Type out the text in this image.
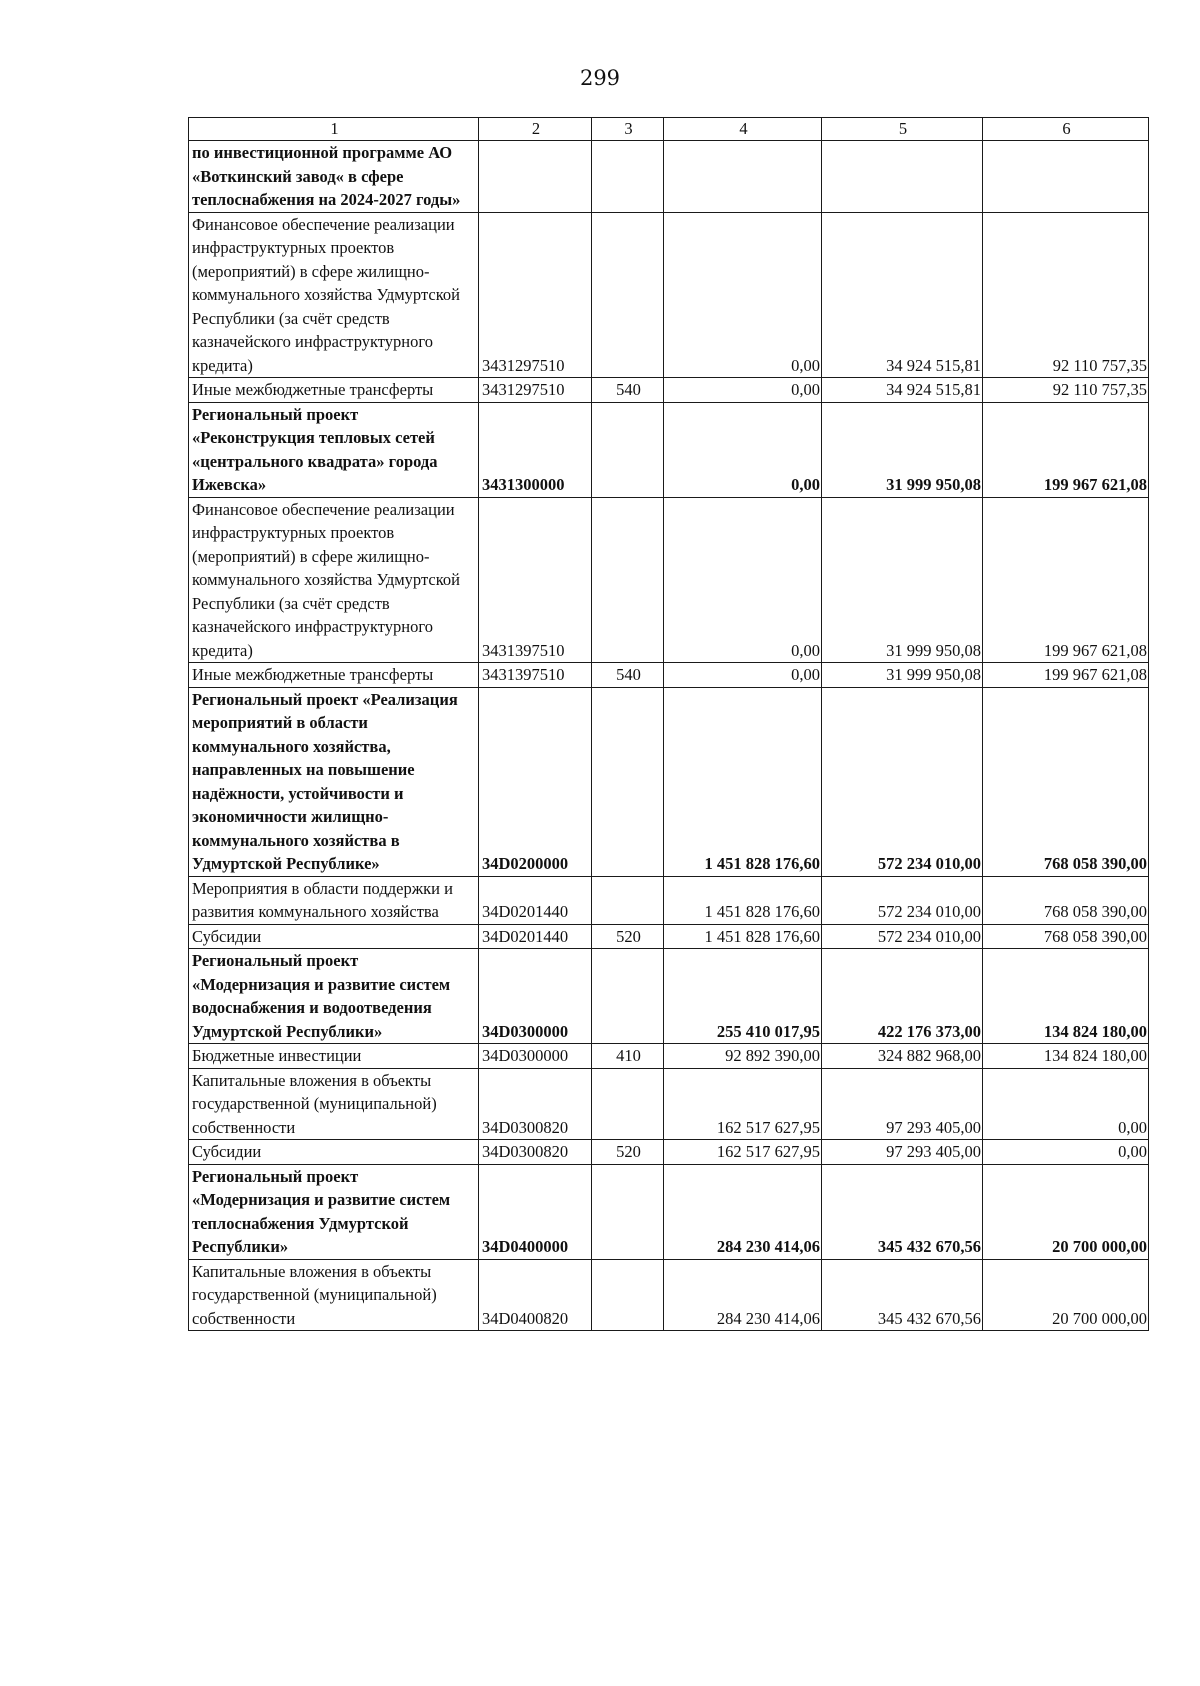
299
1	2	3	4	5	6
по инвестиционной программе АО «Воткинский завод« в сфере теплоснабжения на 2024-2027 годы»					
Финансовое обеспечение реализации инфраструктурных проектов (мероприятий) в сфере жилищно-коммунального хозяйства Удмуртской Республики (за счёт средств казначейского инфраструктурного кредита)	3431297510		0,00	34 924 515,81	92 110 757,35
Иные межбюджетные трансферты	3431297510	540	0,00	34 924 515,81	92 110 757,35
Региональный проект «Реконструкция тепловых сетей «центрального квадрата» города Ижевска»	3431300000		0,00	31 999 950,08	199 967 621,08
Финансовое обеспечение реализации инфраструктурных проектов (мероприятий) в сфере жилищно-коммунального хозяйства Удмуртской Республики (за счёт средств казначейского инфраструктурного кредита)	3431397510		0,00	31 999 950,08	199 967 621,08
Иные межбюджетные трансферты	3431397510	540	0,00	31 999 950,08	199 967 621,08
Региональный проект «Реализация мероприятий в области коммунального хозяйства, направленных на повышение надёжности, устойчивости и экономичности жилищно-коммунального хозяйства в Удмуртской Республике»	34D0200000		1 451 828 176,60	572 234 010,00	768 058 390,00
Мероприятия в области поддержки и развития коммунального хозяйства	34D0201440		1 451 828 176,60	572 234 010,00	768 058 390,00
Субсидии	34D0201440	520	1 451 828 176,60	572 234 010,00	768 058 390,00
Региональный проект «Модернизация и развитие систем водоснабжения и водоотведения Удмуртской Республики»	34D0300000		255 410 017,95	422 176 373,00	134 824 180,00
Бюджетные инвестиции	34D0300000	410	92 892 390,00	324 882 968,00	134 824 180,00
Капитальные вложения в объекты государственной (муниципальной) собственности	34D0300820		162 517 627,95	97 293 405,00	0,00
Субсидии	34D0300820	520	162 517 627,95	97 293 405,00	0,00
Региональный проект «Модернизация и развитие систем теплоснабжения Удмуртской Республики»	34D0400000		284 230 414,06	345 432 670,56	20 700 000,00
Капитальные вложения в объекты государственной (муниципальной) собственности	34D0400820		284 230 414,06	345 432 670,56	20 700 000,00
